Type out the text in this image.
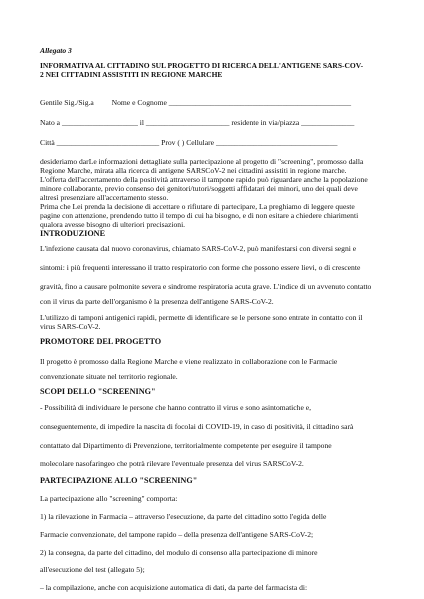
Allegato 3
INFORMATIVA AL CITTADINO SUL PROGETTO DI RICERCA DELL'ANTIGENE SARS-COV-
2 NEI CITTADINI ASSISTITI IN REGIONE MARCHE
Gentile Sig./Sig.a Nome e Cognome ________________________________________________
Nato a ____________________ il ______________________ residente in via/piazza ______________
Città ___________________________ Prov ( ) Cellulare ________________________________
desideriamo darLe informazioni dettagliate sulla partecipazione al progetto di "screening", promosso dalla
Regione Marche, mirata alla ricerca di antigene SARSCoV-2 nei cittadini assistiti in regione marche.
L'offerta dell'accertamento della positività attraverso il tampone rapido può riguardare anche la popolazione
minore collaborante, previo consenso dei genitori/tutori/soggetti affidatari dei minori, uno dei quali deve
altresì presenziare all'accertamento stesso.
Prima che Lei prenda la decisione di accettare o rifiutare di partecipare, La preghiamo di leggere queste
pagine con attenzione, prendendo tutto il tempo di cui ha bisogno, e di non esitare a chiedere chiarimenti
qualora avesse bisogno di ulteriori precisazioni.
INTRODUZIONE
L'infezione causata dal nuovo coronavirus, chiamato SARS-CoV-2, può manifestarsi con diversi segni e
sintomi: i più frequenti interessano il tratto respiratorio con forme che possono essere lievi, o di crescente
gravità, fino a causare polmonite severa e sindrome respiratoria acuta grave. L'indice di un avvenuto contatto
con il virus da parte dell'organismo è la presenza dell'antigene SARS-CoV-2.
L'utilizzo di tamponi antigenici rapidi, permette di identificare se le persone sono entrate in contatto con il
virus SARS-CoV-2.
PROMOTORE DEL PROGETTO
Il progetto è promosso dalla Regione Marche e viene realizzato in collaborazione con le Farmacie
convenzionate situate nel territorio regionale.
SCOPI DELLO "SCREENING"
- Possibilità di individuare le persone che hanno contratto il virus e sono asintomatiche e,
conseguentemente, di impedire la nascita di focolai di COVID-19, in caso di positività, il cittadino sarà
contattato dal Dipartimento di Prevenzione, territorialmente competente per eseguire il tampone
molecolare nasofaringeo che potrà rilevare l'eventuale presenza del virus SARSCoV-2.
PARTECIPAZIONE ALLO "SCREENING"
La partecipazione allo "screening" comporta:
1) la rilevazione in Farmacia – attraverso l'esecuzione, da parte del cittadino sotto l'egida delle
Farmacie convenzionate, del tampone rapido – della presenza dell'antigene SARS-CoV-2;
2) la consegna, da parte del cittadino, del modulo di consenso alla partecipazione di minore
all'esecuzione del test (allegato 5);
– la compilazione, anche con acquisizione automatica di dati, da parte del farmacista di:
